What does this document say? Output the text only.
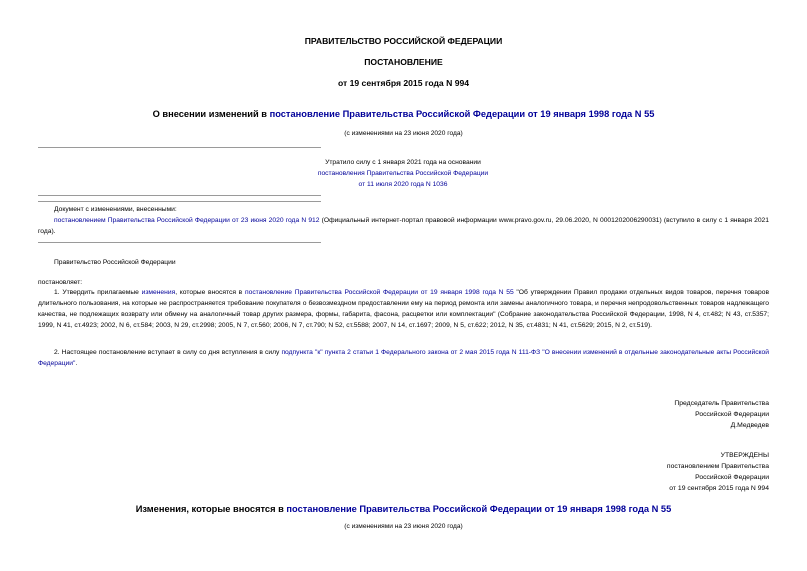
ПРАВИТЕЛЬСТВО РОССИЙСКОЙ ФЕДЕРАЦИИ
ПОСТАНОВЛЕНИЕ
от 19 сентября 2015 года N 994
О внесении изменений в постановление Правительства Российской Федерации от 19 января 1998 года N 55
(с изменениями на 23 июня 2020 года)
Утратило силу с 1 января 2021 года на основании
постановления Правительства Российской Федерации
от 11 июля 2020 года N 1036
Документ с изменениями, внесенными:
постановлением Правительства Российской Федерации от 23 июня 2020 года N 912 (Официальный интернет-портал правовой информации www.pravo.gov.ru, 29.06.2020, N 0001202006290031) (вступило в силу с 1 января 2021 года).
Правительство Российской Федерации
постановляет:
1. Утвердить прилагаемые изменения, которые вносятся в постановление Правительства Российской Федерации от 19 января 1998 года N 55 "Об утверждении Правил продажи отдельных видов товаров, перечня товаров длительного пользования, на которые не распространяется требование покупателя о безвозмездном предоставлении ему на период ремонта или замены аналогичного товара, и перечня непродовольственных товаров надлежащего качества, не подлежащих возврату или обмену на аналогичный товар других размера, формы, габарита, фасона, расцветки или комплектации" (Собрание законодательства Российской Федерации, 1998, N 4, ст.482; N 43, ст.5357; 1999, N 41, ст.4923; 2002, N 6, ст.584; 2003, N 29, ст.2998; 2005, N 7, ст.560; 2006, N 7, ст.790; N 52, ст.5588; 2007, N 14, ст.1697; 2009, N 5, ст.622; 2012, N 35, ст.4831; N 41, ст.5629; 2015, N 2, ст.519).
2. Настоящее постановление вступает в силу со дня вступления в силу подпункта "к" пункта 2 статьи 1 Федерального закона от 2 мая 2015 года N 111-ФЗ "О внесении изменений в отдельные законодательные акты Российской Федерации".
Председатель Правительства
Российской Федерации
Д.Медведев
УТВЕРЖДЕНЫ
постановлением Правительства
Российской Федерации
от 19 сентября 2015 года N 994
Изменения, которые вносятся в постановление Правительства Российской Федерации от 19 января 1998 года N 55
(с изменениями на 23 июня 2020 года)
